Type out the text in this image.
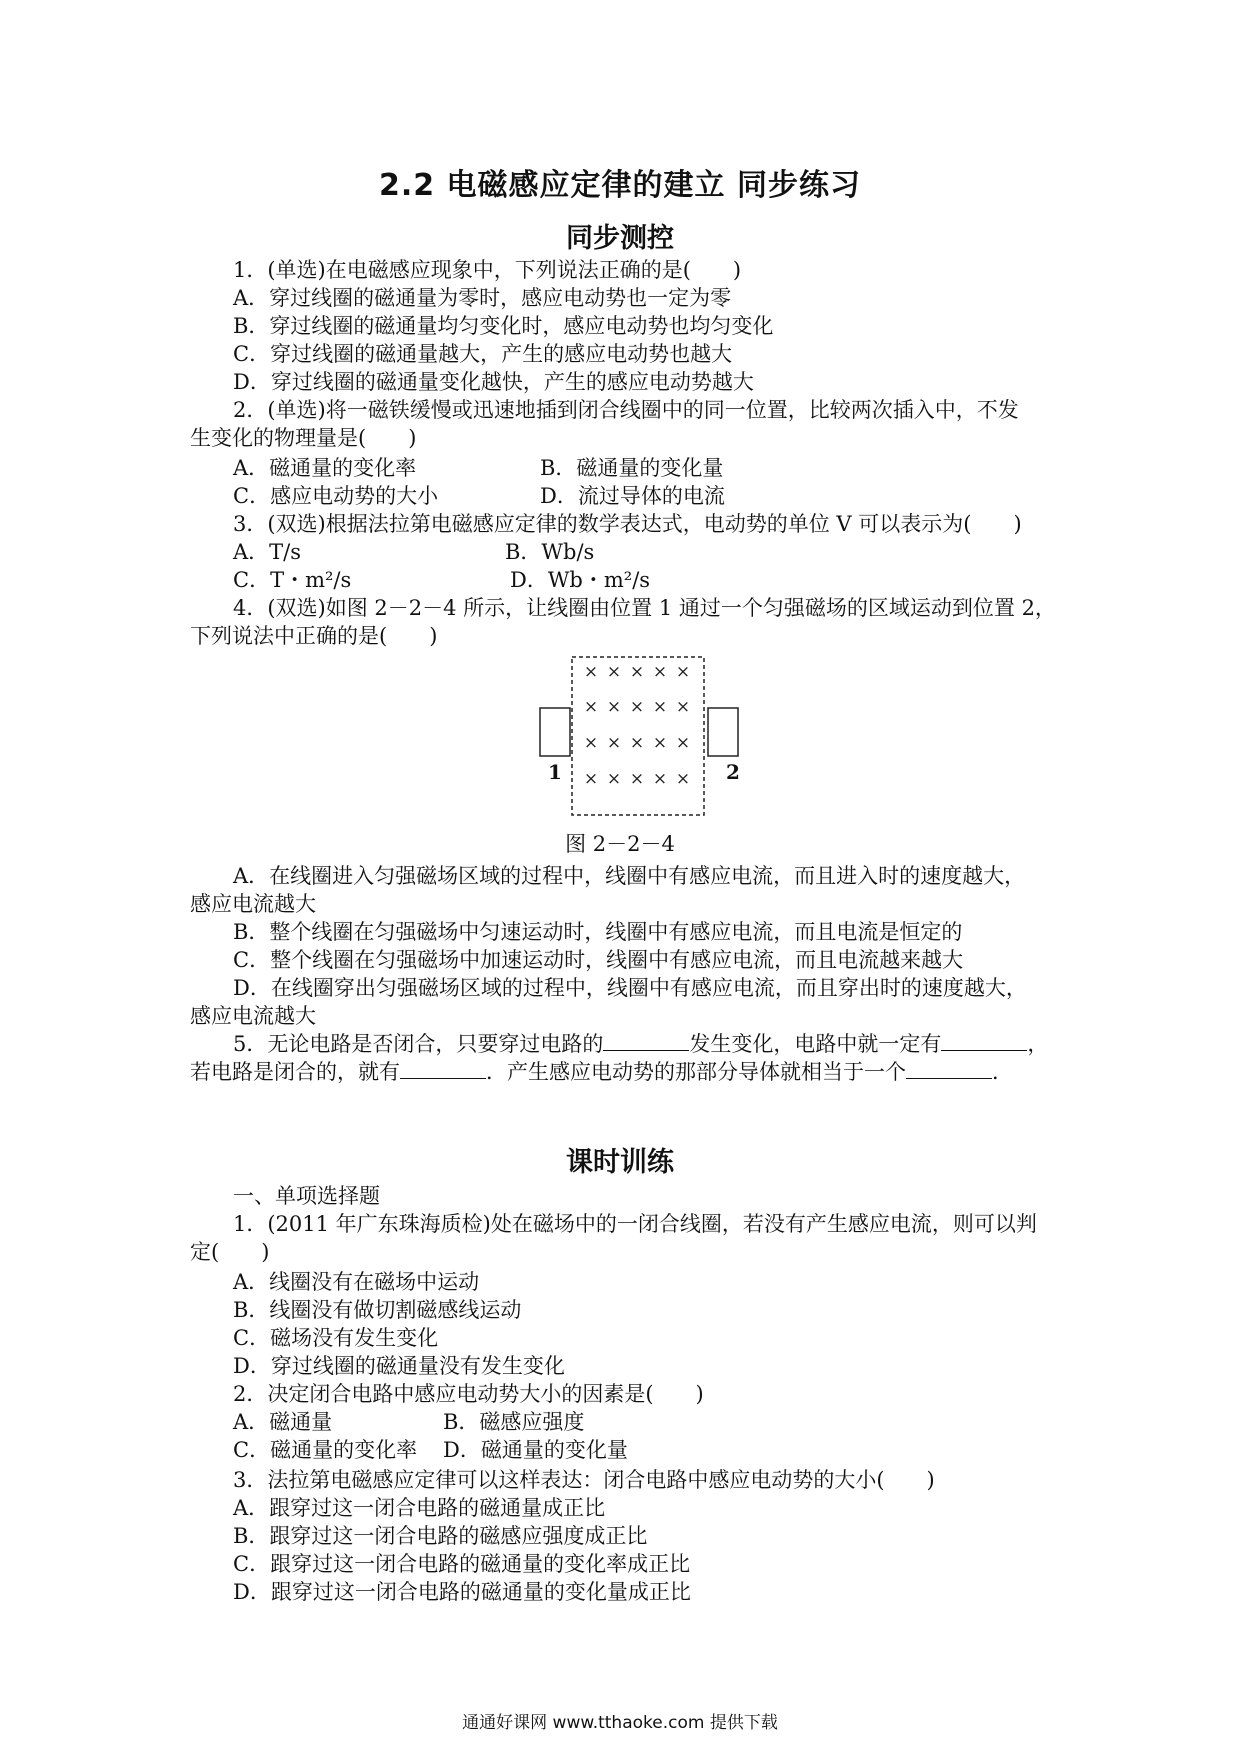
2.2 电磁感应定律的建立 同步练习
同步测控
1．(单选)在电磁感应现象中，下列说法正确的是(　　)
A．穿过线圈的磁通量为零时，感应电动势也一定为零
B．穿过线圈的磁通量均匀变化时，感应电动势也均匀变化
C．穿过线圈的磁通量越大，产生的感应电动势也越大
D．穿过线圈的磁通量变化越快，产生的感应电动势越大
2．(单选)将一磁铁缓慢或迅速地插到闭合线圈中的同一位置，比较两次插入中，不发
生变化的物理量是(　　)
A．磁通量的变化率	B．磁通量的变化量
C．感应电动势的大小	D．流过导体的电流
3．(双选)根据法拉第电磁感应定律的数学表达式，电动势的单位 V 可以表示为(　　)
A．T/s	B．Wb/s
C．T・m²/s	D．Wb・m²/s
4．(双选)如图 2－2－4 所示，让线圈由位置 1 通过一个匀强磁场的区域运动到位置 2，
下列说法中正确的是(　　)
× × × × ×
× × × × ×
× × × × ×
× × × × ×
1	2
图 2－2－4
A．在线圈进入匀强磁场区域的过程中，线圈中有感应电流，而且进入时的速度越大，
感应电流越大
B．整个线圈在匀强磁场中匀速运动时，线圈中有感应电流，而且电流是恒定的
C．整个线圈在匀强磁场中加速运动时，线圈中有感应电流，而且电流越来越大
D．在线圈穿出匀强磁场区域的过程中，线圈中有感应电流，而且穿出时的速度越大，
感应电流越大
5．无论电路是否闭合，只要穿过电路的	发生变化，电路中就一定有	，
若电路是闭合的，就有	．产生感应电动势的那部分导体就相当于一个	．
课时训练
一、单项选择题
1．(2011 年广东珠海质检)处在磁场中的一闭合线圈，若没有产生感应电流，则可以判
定(　　)
A．线圈没有在磁场中运动
B．线圈没有做切割磁感线运动
C．磁场没有发生变化
D．穿过线圈的磁通量没有发生变化
2．决定闭合电路中感应电动势大小的因素是(　　)
A．磁通量	B．磁感应强度
C．磁通量的变化率 D．磁通量的变化量
3．法拉第电磁感应定律可以这样表达：闭合电路中感应电动势的大小(　　)
A．跟穿过这一闭合电路的磁通量成正比
B．跟穿过这一闭合电路的磁感应强度成正比
C．跟穿过这一闭合电路的磁通量的变化率成正比
D．跟穿过这一闭合电路的磁通量的变化量成正比
通通好课网 www.tthaoke.com 提供下载
